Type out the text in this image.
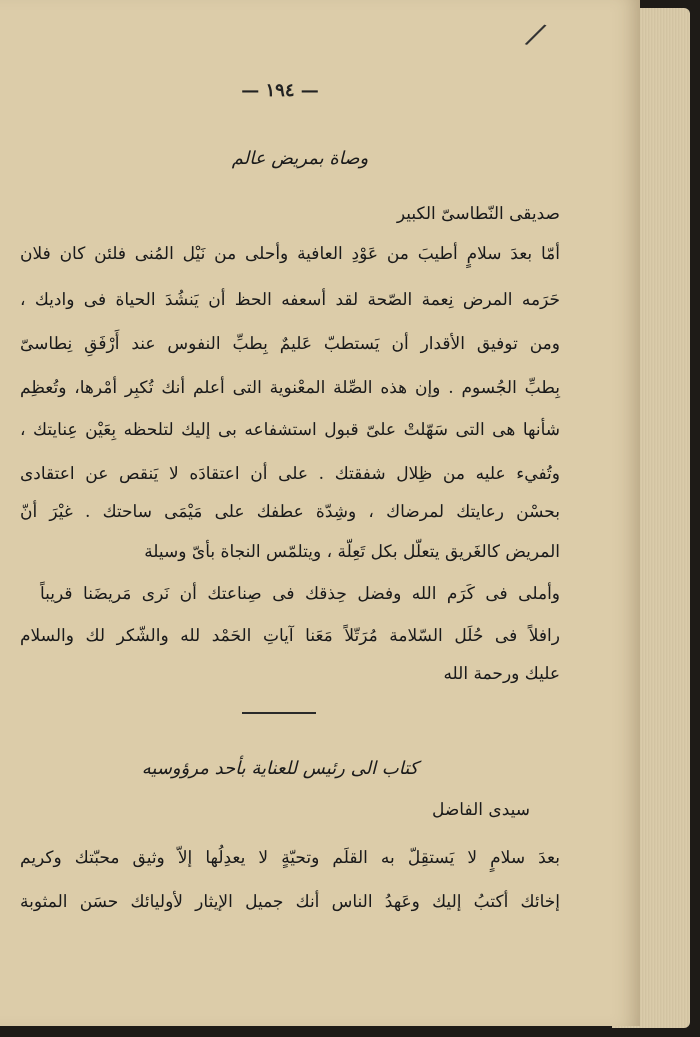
/
— ١٩٤ —
وصاة بمريض عالم
صديقى النّطاسىّ الكبير
أمّا بعدَ سلامٍ أطيبَ من عَوْدِ العافية وأحلى من نَيْل المُنى فلئن كان فلان
حَرَمه المرض نِعمة الصّحة لقد أسعفه الحظ أن يَنشُدَ الحياة فى واديك ،
ومن توفيق الأقدار أن يَستطبّ عَليمٌ بِطبِّ النفوس عند أَرْفَقِ نِطاسىّ
بِطبِّ الجُسوم . وإن هذه الصِّلة المعْنوية التى أعلم أنك تُكبِر أمْرها، وتُعظِم
شأنها هى التى سَهّلتْ علىّ قبول استشفاعه بى إليك لتلحظه بِعَيْن عِنايتك ،
وتُفيء عليه من ظِلال شفقتك . على أن اعتقادَه لا يَنقص عن اعتقادى
بحسْن رعايتك لمرضاك ، وشِدّة عطفك على مَيْمَى ساحتك . غيْرَ أنّ
المريض كالغَريق يتعلّل بكل تَعِلّة ، ويتلمّس النجاة بأىّ وسيلة
وأملى فى كَرَم الله وفضل حِذقك فى صِناعتك أن نَرى مَريضَنا قريباً
رافلاً فى حُلَل السّلامة مُرَتّلاً مَعَنا آياتِ الحَمْد لله والشّكر لك والسلام
عليك ورحمة الله
كتاب الى رئيس للعناية بأحد مرؤوسيه
سيدى الفاضل
بعدَ سلامٍ لا يَستقِلّ به القلَم وتحيّةٍ لا يعدِلُها إلاّ وثيق محبّتك وكريم
إخائك أكتبُ إليك وعَهدُ الناس أنك جميل الإيثار لأوليائك حسَن المثوبة
